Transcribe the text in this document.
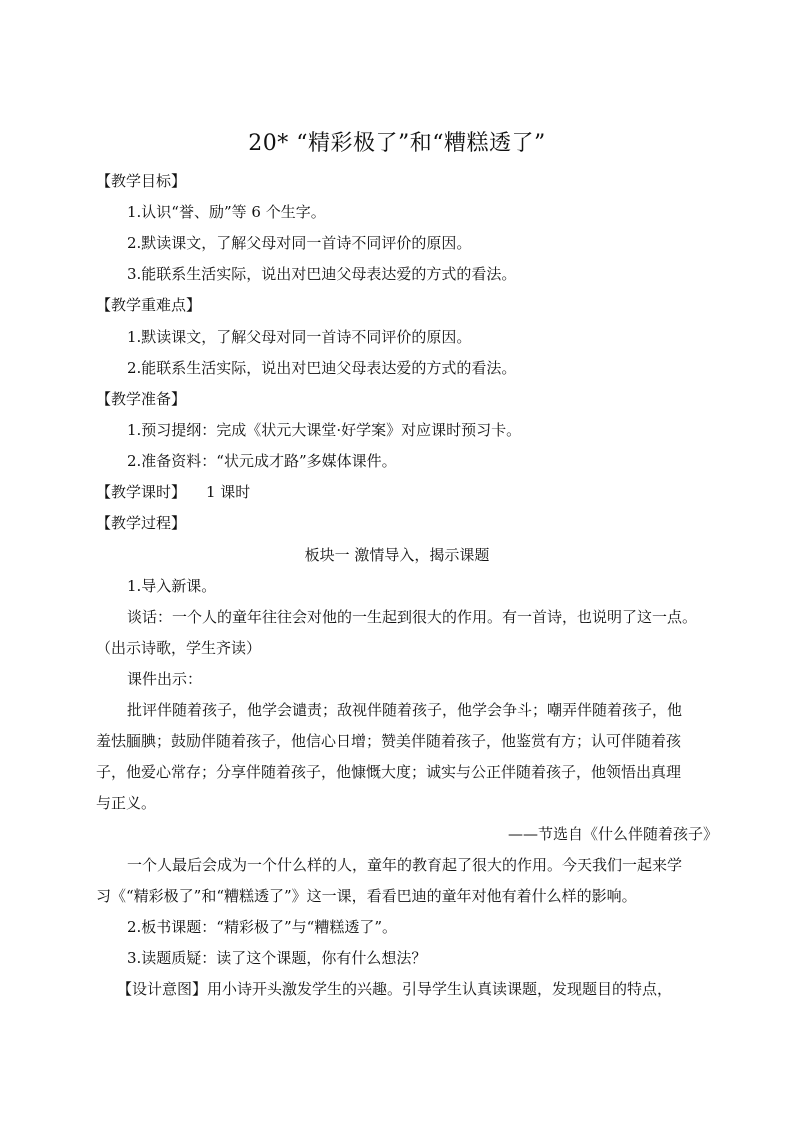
20* “精彩极了”和“糟糕透了”
【教学目标】
1.认识“誉、励”等 6 个生字。
2.默读课文，了解父母对同一首诗不同评价的原因。
3.能联系生活实际，说出对巴迪父母表达爱的方式的看法。
【教学重难点】
1.默读课文，了解父母对同一首诗不同评价的原因。
2.能联系生活实际，说出对巴迪父母表达爱的方式的看法。
【教学准备】
1.预习提纲：完成《状元大课堂·好学案》对应课时预习卡。
2.准备资料：“状元成才路”多媒体课件。
【教学课时】 1 课时
【教学过程】
板块一 激情导入，揭示课题
1.导入新课。
谈话：一个人的童年往往会对他的一生起到很大的作用。有一首诗，也说明了这一点。
（出示诗歌，学生齐读）
课件出示：
批评伴随着孩子，他学会谴责；敌视伴随着孩子，他学会争斗；嘲弄伴随着孩子，他
羞怯腼腆；鼓励伴随着孩子，他信心日增；赞美伴随着孩子，他鉴赏有方；认可伴随着孩
子，他爱心常存；分享伴随着孩子，他慷慨大度；诚实与公正伴随着孩子，他领悟出真理
与正义。
——节选自《什么伴随着孩子》
一个人最后会成为一个什么样的人，童年的教育起了很大的作用。今天我们一起来学
习《“精彩极了”和“糟糕透了”》这一课，看看巴迪的童年对他有着什么样的影响。
2.板书课题：“精彩极了”与“糟糕透了”。
3.读题质疑：读了这个课题，你有什么想法？
【设计意图】用小诗开头激发学生的兴趣。引导学生认真读课题，发现题目的特点，
